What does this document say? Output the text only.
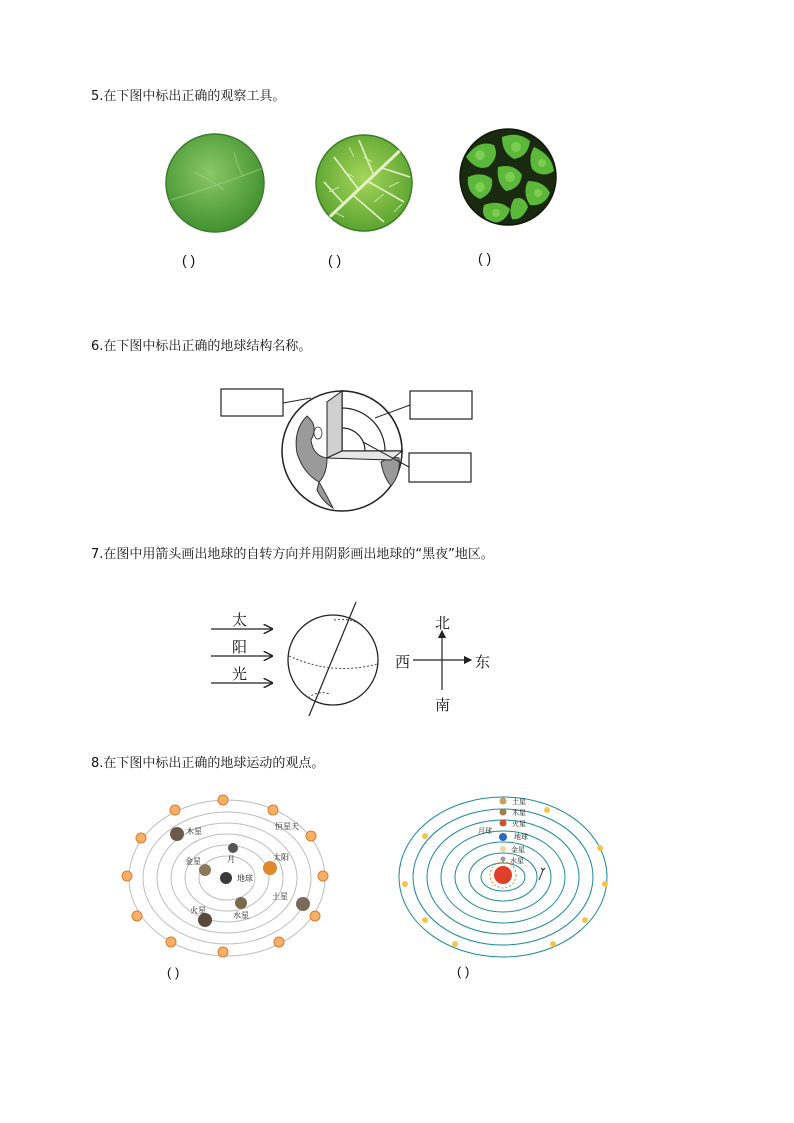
5.在下图中标出正确的观察工具。
( )	( )	( )
6.在下图中标出正确的地球结构名称。
7.在图中用箭头画出地球的自转方向并用阴影画出地球的“黑夜”地区。
太
阳
光
北
南
西	东
8.在下图中标出正确的地球运动的观点。
木星
恒星天
金星	月	太阳
地球
土星
火星
水星
土星
木星
火星
月球
地球
金星
水星
( )	( )
